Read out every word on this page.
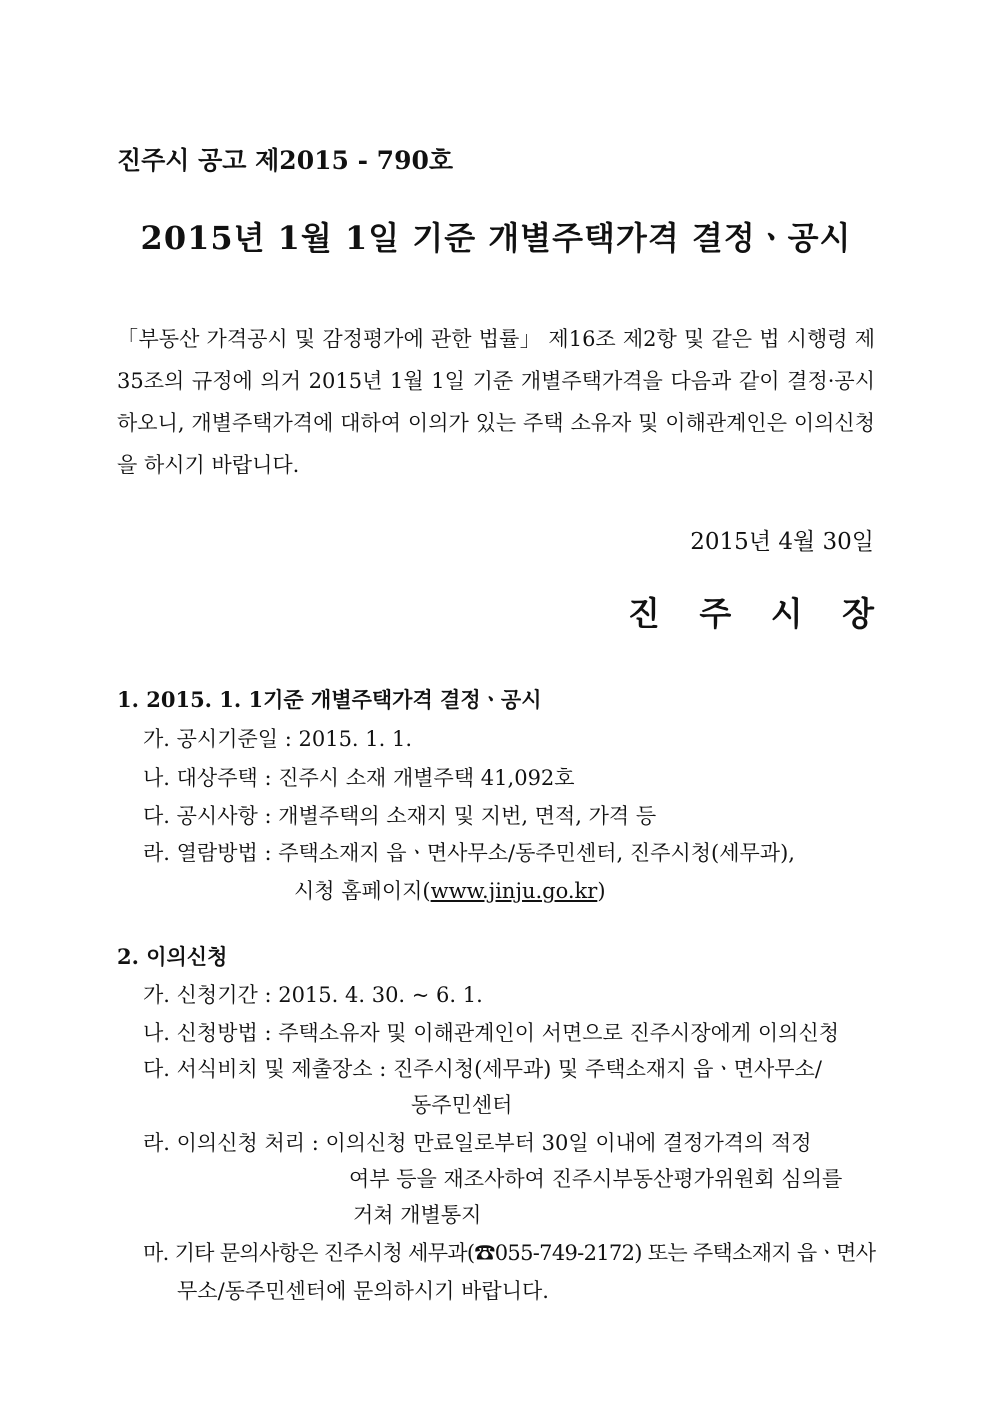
진주시 공고 제2015 - 790호
2015년 1월 1일 기준 개별주택가격 결정ㆍ공시
「부동산 가격공시 및 감정평가에 관한 법률」 제16조 제2항 및 같은 법 시행령 제35조의 규정에 의거 2015년 1월 1일 기준 개별주택가격을 다음과 같이 결정·공시하오니, 개별주택가격에 대하여 이의가 있는 주택 소유자 및 이해관계인은 이의신청을 하시기 바랍니다.
2015년 4월 30일
진 주 시 장
1. 2015. 1. 1기준 개별주택가격 결정ㆍ공시
가. 공시기준일 : 2015. 1. 1.
나. 대상주택 : 진주시 소재 개별주택 41,092호
다. 공시사항 : 개별주택의 소재지 및 지번, 면적, 가격 등
라. 열람방법 : 주택소재지 읍ㆍ면사무소/동주민센터, 진주시청(세무과),
시청 홈페이지(www.jinju.go.kr)
2. 이의신청
가. 신청기간 : 2015. 4. 30. ~ 6. 1.
나. 신청방법 : 주택소유자 및 이해관계인이 서면으로 진주시장에게 이의신청
다. 서식비치 및 제출장소 : 진주시청(세무과) 및 주택소재지 읍ㆍ면사무소/
동주민센터
라. 이의신청 처리 : 이의신청 만료일로부터 30일 이내에 결정가격의 적정
여부 등을 재조사하여 진주시부동산평가위원회 심의를
거쳐 개별통지
마. 기타 문의사항은 진주시청 세무과(☎055-749-2172) 또는 주택소재지 읍ㆍ면사
무소/동주민센터에 문의하시기 바랍니다.
